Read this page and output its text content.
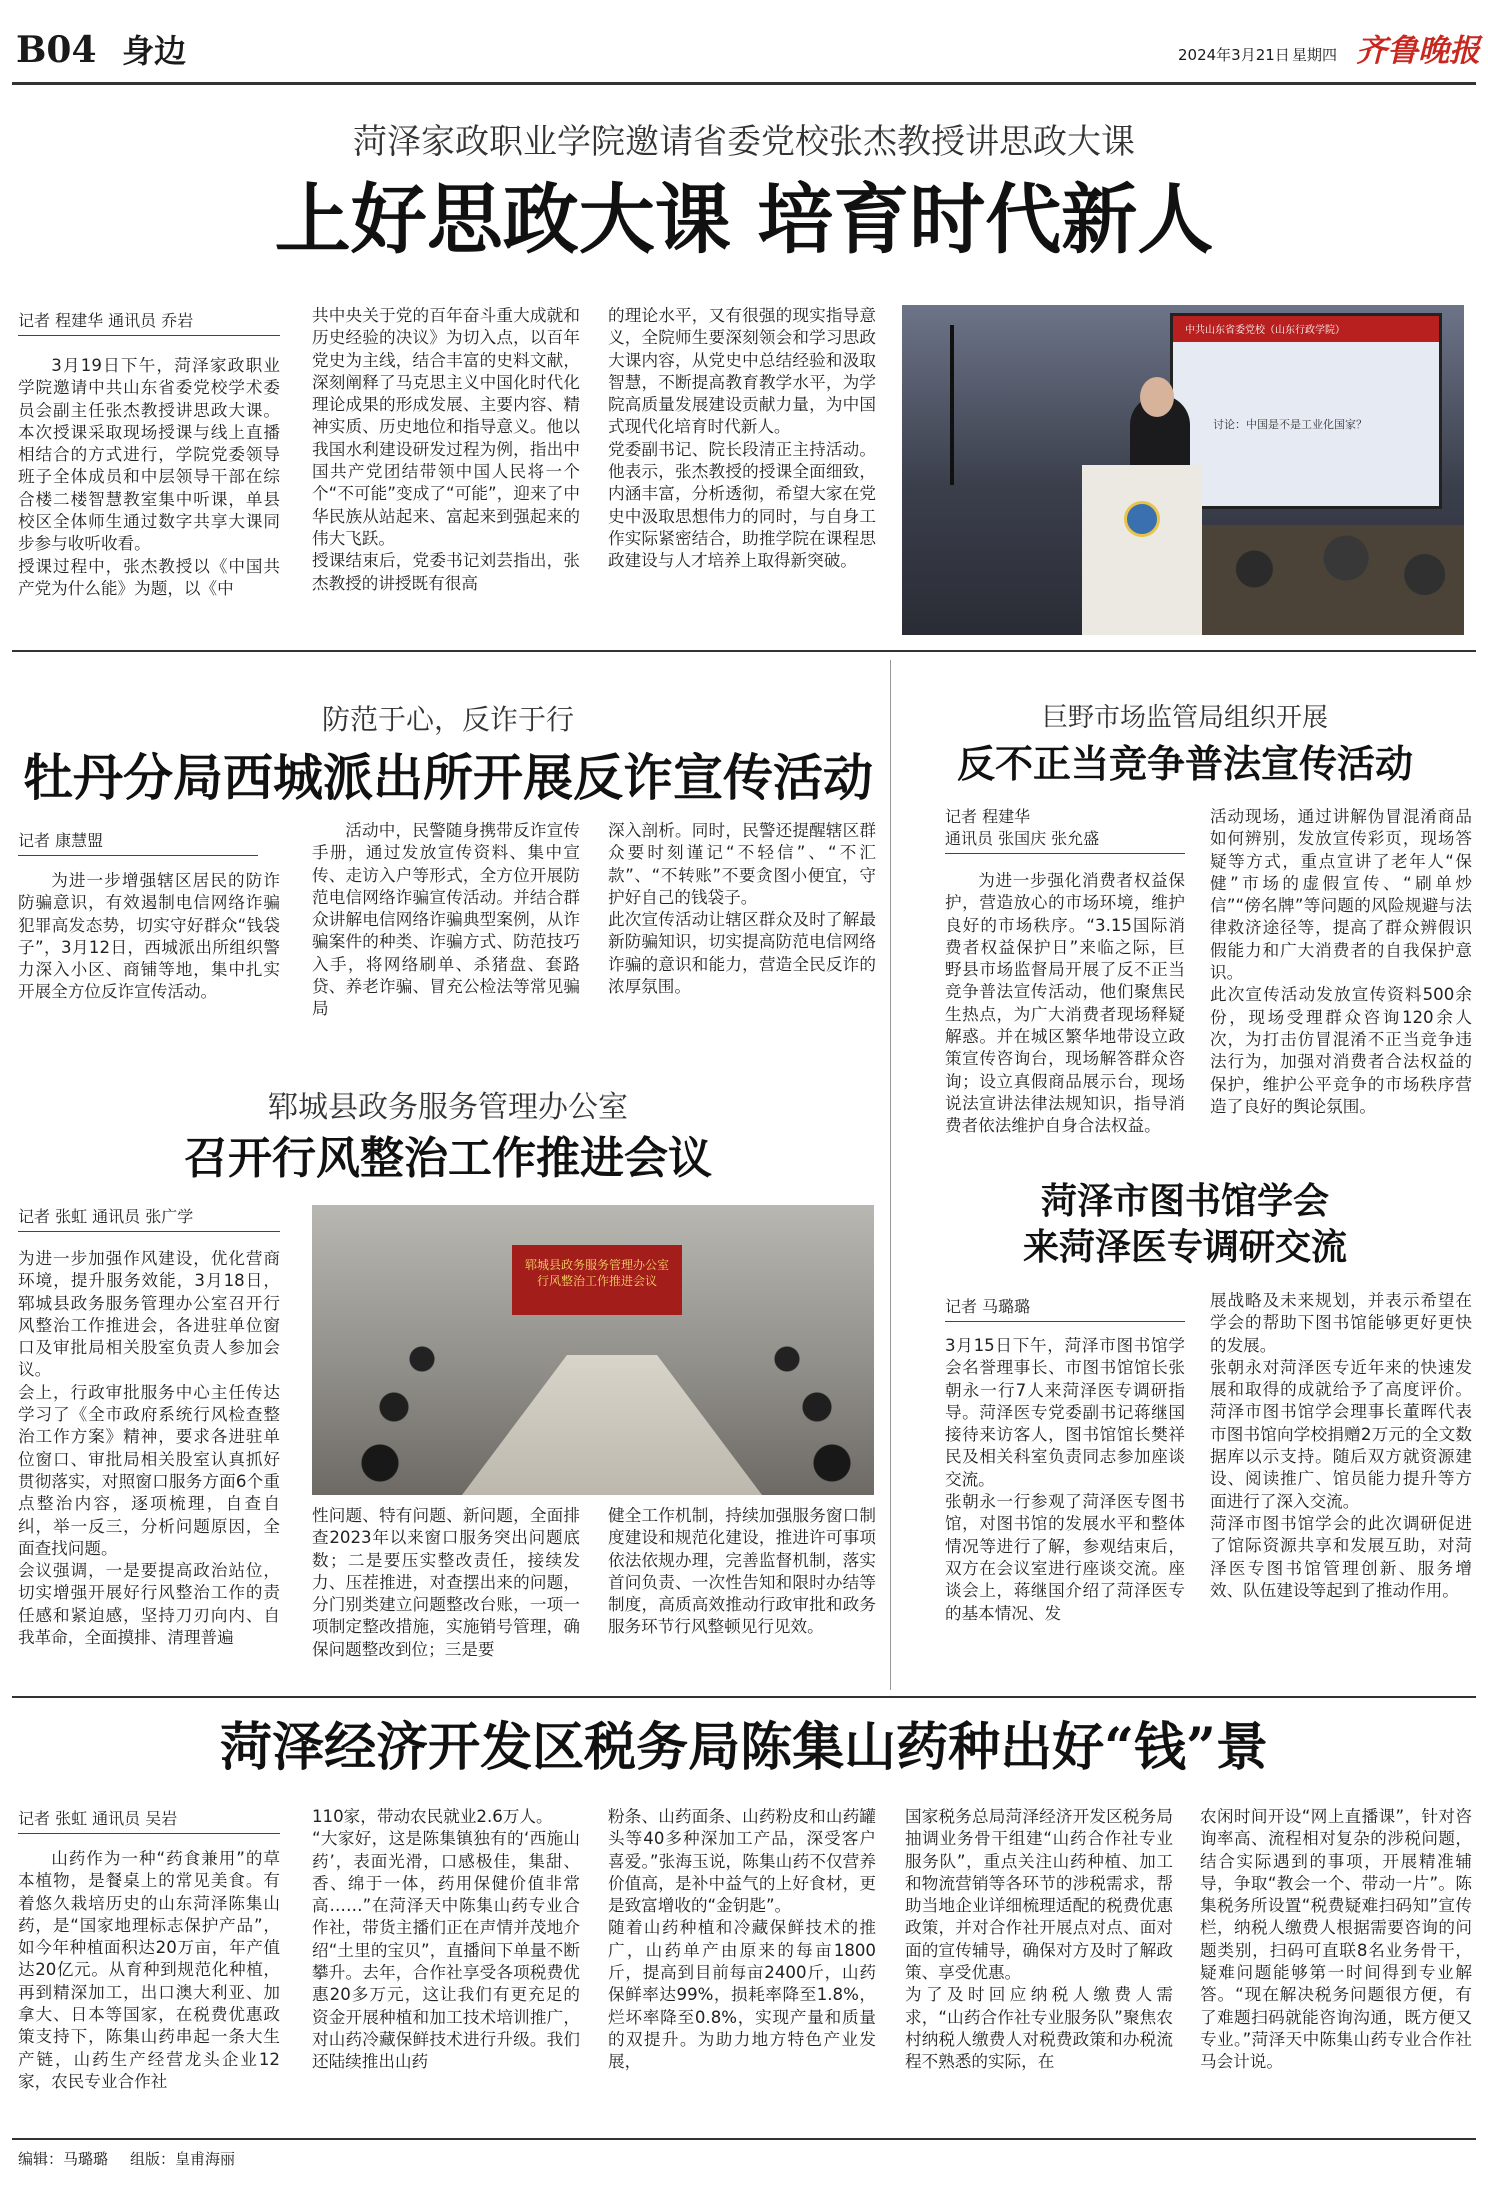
B04 身边	2024年3月21日 星期四 齐鲁晚报
菏泽家政职业学院邀请省委党校张杰教授讲思政大课
上好思政大课 培育时代新人
记者 程建华 通讯员 乔岩
3月19日下午，菏泽家政职业学院邀请中共山东省委党校学术委员会副主任张杰教授讲思政大课。本次授课采取现场授课与线上直播相结合的方式进行，学院党委领导班子全体成员和中层领导干部在综合楼二楼智慧教室集中听课，单县校区全体师生通过数字共享大课同步参与收听收看。
授课过程中，张杰教授以《中国共产党为什么能》为题，以《中
共中央关于党的百年奋斗重大成就和历史经验的决议》为切入点，以百年党史为主线，结合丰富的史料文献，深刻阐释了马克思主义中国化时代化理论成果的形成发展、主要内容、精神实质、历史地位和指导意义。他以我国水利建设研发过程为例，指出中国共产党团结带领中国人民将一个个“不可能”变成了“可能”，迎来了中华民族从站起来、富起来到强起来的伟大飞跃。
授课结束后，党委书记刘芸指出，张杰教授的讲授既有很高
的理论水平，又有很强的现实指导意义，全院师生要深刻领会和学习思政大课内容，从党史中总结经验和汲取智慧，不断提高教育教学水平，为学院高质量发展建设贡献力量，为中国式现代化培育时代新人。
党委副书记、院长段清正主持活动。他表示，张杰教授的授课全面细致，内涵丰富，分析透彻，希望大家在党史中汲取思想伟力的同时，与自身工作实际紧密结合，助推学院在课程思政建设与人才培养上取得新突破。
中共山东省委党校（山东行政学院）
讨论：中国是不是工业化国家？
防范于心，反诈于行
牡丹分局西城派出所开展反诈宣传活动
记者 康慧盟

为进一步增强辖区居民的防诈防骗意识，有效遏制电信网络诈骗犯罪高发态势，切实守好群众“钱袋子”，3月12日，西城派出所组织警力深入小区、商铺等地，集中扎实开展全方位反诈宣传活动。

活动中，民警随身携带反诈宣传手册，通过发放宣传资料、集中宣传、走访入户等形式，全方位开展防范电信网络诈骗宣传活动。并结合群众讲解电信网络诈骗典型案例，从诈骗案件的种类、诈骗方式、防范技巧入手，将网络刷单、杀猪盘、套路贷、养老诈骗、冒充公检法等常见骗局

深入剖析。同时，民警还提醒辖区群众要时刻谨记“不轻信”、“不汇款”、“不转账”不要贪图小便宜，守护好自己的钱袋子。
此次宣传活动让辖区群众及时了解最新防骗知识，切实提高防范电信网络诈骗的意识和能力，营造全民反诈的浓厚氛围。
巨野市场监管局组织开展
反不正当竞争普法宣传活动
记者 程建华
通讯员 张国庆 张允盛

为进一步强化消费者权益保护，营造放心的市场环境，维护良好的市场秩序。“3.15国际消费者权益保护日”来临之际，巨野县市场监督局开展了反不正当竞争普法宣传活动，他们聚焦民生热点，为广大消费者现场释疑解惑。并在城区繁华地带设立政策宣传咨询台，现场解答群众咨询；设立真假商品展示台，现场说法宣讲法律法规知识，指导消费者依法维护自身合法权益。

活动现场，通过讲解伪冒混淆商品如何辨别，发放宣传彩页，现场答疑等方式，重点宣讲了老年人“保健”市场的虚假宣传、“刷单炒信”“傍名牌”等问题的风险规避与法律救济途径等，提高了群众辨假识假能力和广大消费者的自我保护意识。
此次宣传活动发放宣传资料500余份，现场受理群众咨询120余人次，为打击仿冒混淆不正当竞争违法行为，加强对消费者合法权益的保护，维护公平竞争的市场秩序营造了良好的舆论氛围。
郓城县政务服务管理办公室
召开行风整治工作推进会议
记者 张虹 通讯员 张广学
为进一步加强作风建设，优化营商环境，提升服务效能，3月18日，郓城县政务服务管理办公室召开行风整治工作推进会，各进驻单位窗口及审批局相关股室负责人参加会议。
会上，行政审批服务中心主任传达学习了《全市政府系统行风检查整治工作方案》精神，要求各进驻单位窗口、审批局相关股室认真抓好贯彻落实，对照窗口服务方面6个重点整治内容，逐项梳理，自查自纠，举一反三，分析问题原因，全面查找问题。
会议强调，一是要提高政治站位，切实增强开展好行风整治工作的责任感和紧迫感，坚持刀刃向内、自我革命，全面摸排、清理普遍
郓城县政务服务管理办公室 行风整治工作推进会议
性问题、特有问题、新问题，全面排查2023年以来窗口服务突出问题底数；二是要压实整改责任，接续发力、压茬推进，对查摆出来的问题，分门别类建立问题整改台账，一项一项制定整改措施，实施销号管理，确保问题整改到位；三是要
健全工作机制，持续加强服务窗口制度建设和规范化建设，推进许可事项依法依规办理，完善监督机制，落实首问负责、一次性告知和限时办结等制度，高质高效推动行政审批和政务服务环节行风整顿见行见效。
菏泽市图书馆学会
来菏泽医专调研交流
记者 马璐璐
3月15日下午，菏泽市图书馆学会名誉理事长、市图书馆馆长张朝永一行7人来菏泽医专调研指导。菏泽医专党委副书记蒋继国接待来访客人，图书馆馆长樊祥民及相关科室负责同志参加座谈交流。
张朝永一行参观了菏泽医专图书馆，对图书馆的发展水平和整体情况等进行了解，参观结束后，双方在会议室进行座谈交流。座谈会上，蒋继国介绍了菏泽医专的基本情况、发
展战略及未来规划，并表示希望在学会的帮助下图书馆能够更好更快的发展。
张朝永对菏泽医专近年来的快速发展和取得的成就给予了高度评价。菏泽市图书馆学会理事长董晖代表市图书馆向学校捐赠2万元的全文数据库以示支持。随后双方就资源建设、阅读推广、馆员能力提升等方面进行了深入交流。
菏泽市图书馆学会的此次调研促进了馆际资源共享和发展互助，对菏泽医专图书馆管理创新、服务增效、队伍建设等起到了推动作用。
菏泽经济开发区税务局陈集山药种出好“钱”景
记者 张虹 通讯员 吴岩

山药作为一种“药食兼用”的草本植物，是餐桌上的常见美食。有着悠久栽培历史的山东菏泽陈集山药，是“国家地理标志保护产品”，如今年种植面积达20万亩，年产值达20亿元。从育种到规范化种植，再到精深加工，出口澳大利亚、加拿大、日本等国家，在税费优惠政策支持下，陈集山药串起一条大生产链，山药生产经营龙头企业12家，农民专业合作社

110家，带动农民就业2.6万人。
“大家好，这是陈集镇独有的‘西施山药’，表面光滑，口感极佳，集甜、香、绵于一体，药用保健价值非常高……”在菏泽天中陈集山药专业合作社，带货主播们正在声情并茂地介绍“土里的宝贝”，直播间下单量不断攀升。去年，合作社享受各项税费优惠20多万元，这让我们有更充足的资金开展种植和加工技术培训推广，对山药冷藏保鲜技术进行升级。我们还陆续推出山药
粉条、山药面条、山药粉皮和山药罐头等40多种深加工产品，深受客户喜爱。”张海玉说，陈集山药不仅营养价值高，是补中益气的上好食材，更是致富增收的“金钥匙”。
随着山药种植和冷藏保鲜技术的推广，山药单产由原来的每亩1800斤，提高到目前每亩2400斤，山药保鲜率达99%，损耗率降至1.8%，烂坏率降至0.8%，实现产量和质量的双提升。为助力地方特色产业发展，
国家税务总局菏泽经济开发区税务局抽调业务骨干组建“山药合作社专业服务队”，重点关注山药种植、加工和物流营销等各环节的涉税需求，帮助当地企业详细梳理适配的税费优惠政策，并对合作社开展点对点、面对面的宣传辅导，确保对方及时了解政策、享受优惠。
为了及时回应纳税人缴费人需求，“山药合作社专业服务队”聚焦农村纳税人缴费人对税费政策和办税流程不熟悉的实际，在
农闲时间开设“网上直播课”，针对咨询率高、流程相对复杂的涉税问题，结合实际遇到的事项，开展精准辅导，争取“教会一个、带动一片”。陈集税务所设置“税费疑难扫码知”宣传栏，纳税人缴费人根据需要咨询的问题类别，扫码可直联8名业务骨干，疑难问题能够第一时间得到专业解答。“现在解决税务问题很方便，有了难题扫码就能咨询沟通，既方便又专业。”菏泽天中陈集山药专业合作社马会计说。
编辑：马璐璐 组版：皇甫海丽
